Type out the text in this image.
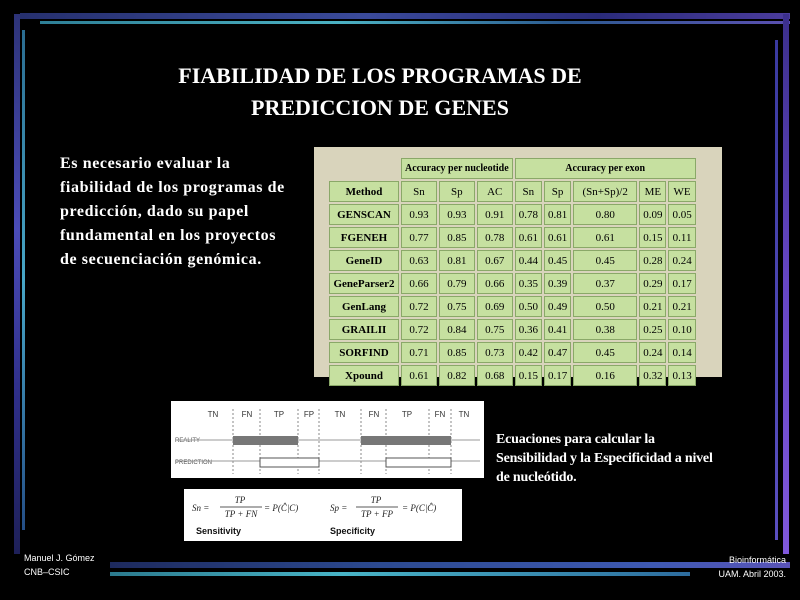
FIABILIDAD DE LOS PROGRAMAS DE
PREDICCION DE GENES

Es necesario evaluar la fiabilidad de los programas de predicción, dado su papel fundamental en los proyectos de secuenciación genómica.

	Accuracy per nucleotide			Accuracy per exon				
Method	Sn	Sp	AC	Sn	Sp	(Sn+Sp)/2	ME	WE
GENSCAN	0.93	0.93	0.91	0.78	0.81	0.80	0.09	0.05
FGENEH	0.77	0.85	0.78	0.61	0.61	0.61	0.15	0.11
GeneID	0.63	0.81	0.67	0.44	0.45	0.45	0.28	0.24
GeneParser2	0.66	0.79	0.66	0.35	0.39	0.37	0.29	0.17
GenLang	0.72	0.75	0.69	0.50	0.49	0.50	0.21	0.21
GRAILII	0.72	0.84	0.75	0.36	0.41	0.38	0.25	0.10
SORFIND	0.71	0.85	0.73	0.42	0.47	0.45	0.24	0.14
Xpound	0.61	0.82	0.68	0.15	0.17	0.16	0.32	0.13
TN	FN	TP FP	TN	FN	TP	FN TN
REALITY
PREDICTION
Sn =
TP
TP + FN
= P(Ĉ|C)	Sp =
TP
TP + FP
= P(C|Ĉ)
Sensitivity	Specificity

Ecuaciones para calcular la Sensibilidad y la Especificidad a nivel de nucleótido.

Manuel J. Gómez
CNB–CSIC
Bioinformática
UAM. Abril 2003.
